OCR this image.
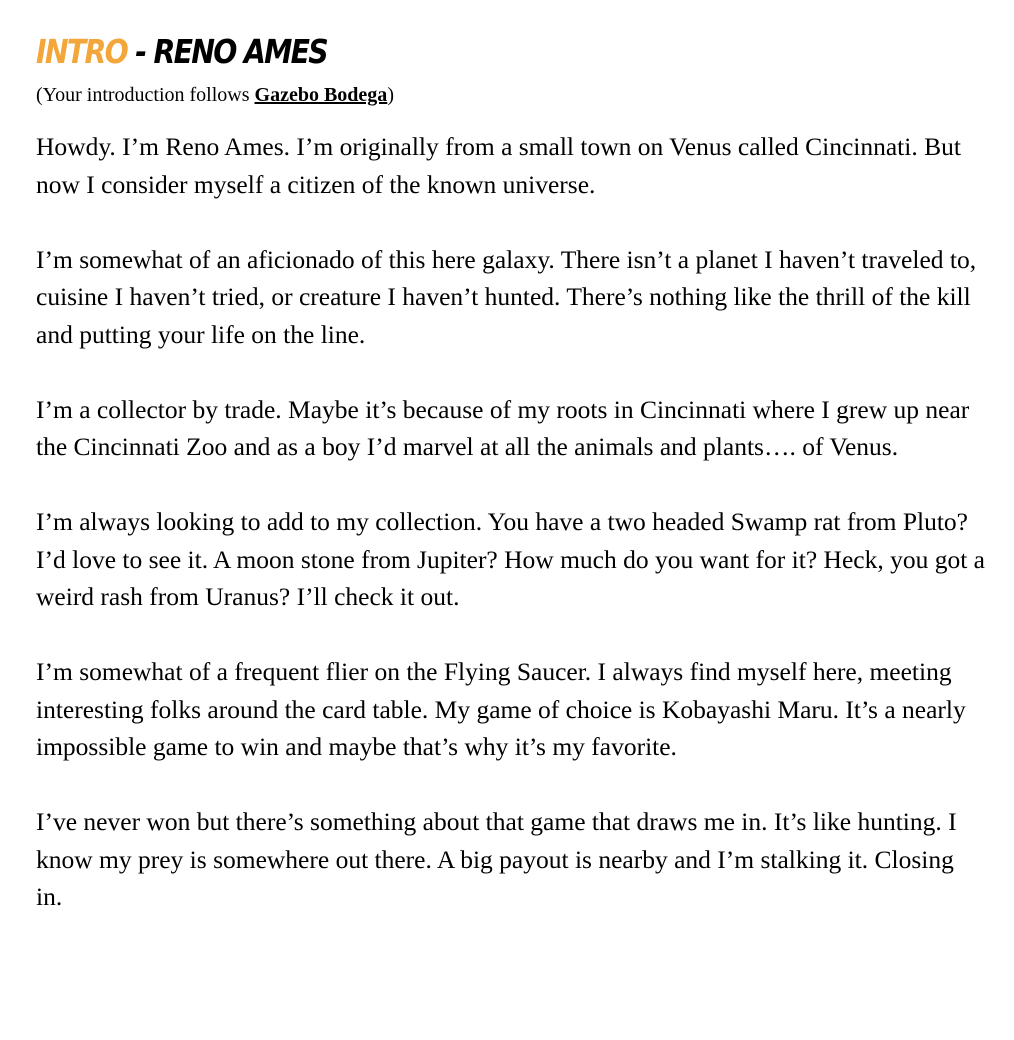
INTRO - RENO AMES

(Your introduction follows Gazebo Bodega)

Howdy. I’m Reno Ames. I’m originally from a small town on Venus called Cincinnati. But now I consider myself a citizen of the known universe.

I’m somewhat of an aficionado of this here galaxy. There isn’t a planet I haven’t traveled to, cuisine I haven’t tried, or creature I haven’t hunted. There’s nothing like the thrill of the kill and putting your life on the line.

I’m a collector by trade. Maybe it’s because of my roots in Cincinnati where I grew up near the Cincinnati Zoo and as a boy I’d marvel at all the animals and plants…. of Venus.

I’m always looking to add to my collection. You have a two headed Swamp rat from Pluto? I’d love to see it. A moon stone from Jupiter? How much do you want for it? Heck, you got a weird rash from Uranus? I’ll check it out.

I’m somewhat of a frequent flier on the Flying Saucer. I always find myself here, meeting interesting folks around the card table. My game of choice is Kobayashi Maru. It’s a nearly impossible game to win and maybe that’s why it’s my favorite.

I’ve never won but there’s something about that game that draws me in. It’s like hunting. I know my prey is somewhere out there. A big payout is nearby and I’m stalking it. Closing in.
